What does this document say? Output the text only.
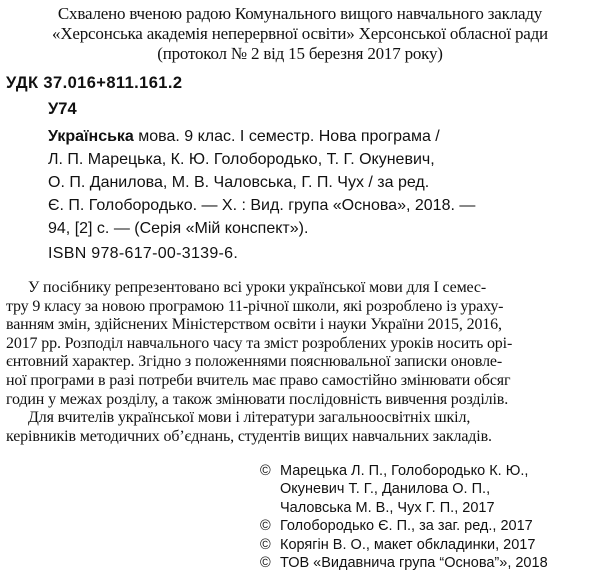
Схвалено вченою радою Комунального вищого навчального закладу
«Херсонська академія неперервної освіти» Херсонської обласної ради
(протокол № 2 від 15 березня 2017 року)
УДК 37.016+811.161.2
У74
Українська мова. 9 клас. I семестр. Нова програма /
Л. П. Марецька, К. Ю. Голобородько, Т. Г. Окуневич,
О. П. Данилова, М. В. Чаловська, Г. П. Чух / за ред.
Є. П. Голобородько. — Х. : Вид. група «Основа», 2018. —
94, [2] с. — (Серія «Мій конспект»).
ISBN 978-617-00-3139-6.
У посібнику репрезентовано всі уроки української мови для I семес-
тру 9 класу за новою програмою 11-річної школи, які розроблено із ураху-
ванням змін, здійснених Міністерством освіти і науки України 2015, 2016,
2017 рр. Розподіл навчального часу та зміст розроблених уроків носить орі-
єнтовний характер. Згідно з положеннями пояснювальної записки оновле-
ної програми в разі потреби вчитель має право самостійно змінювати обсяг
годин у межах розділу, а також змінювати послідовність вивчення розділів.
Для вчителів української мови і літератури загальноосвітніх шкіл,
керівників методичних об’єднань, студентів вищих навчальних закладів.
© Марецька Л. П., Голобородько К. Ю.,
Окуневич Т. Г., Данилова О. П.,
Чаловська М. В., Чух Г. П., 2017
© Голобородько Є. П., за заг. ред., 2017
© Корягін В. О., макет обкладинки, 2017
© ТОВ «Видавнича група “Основа”», 2018
